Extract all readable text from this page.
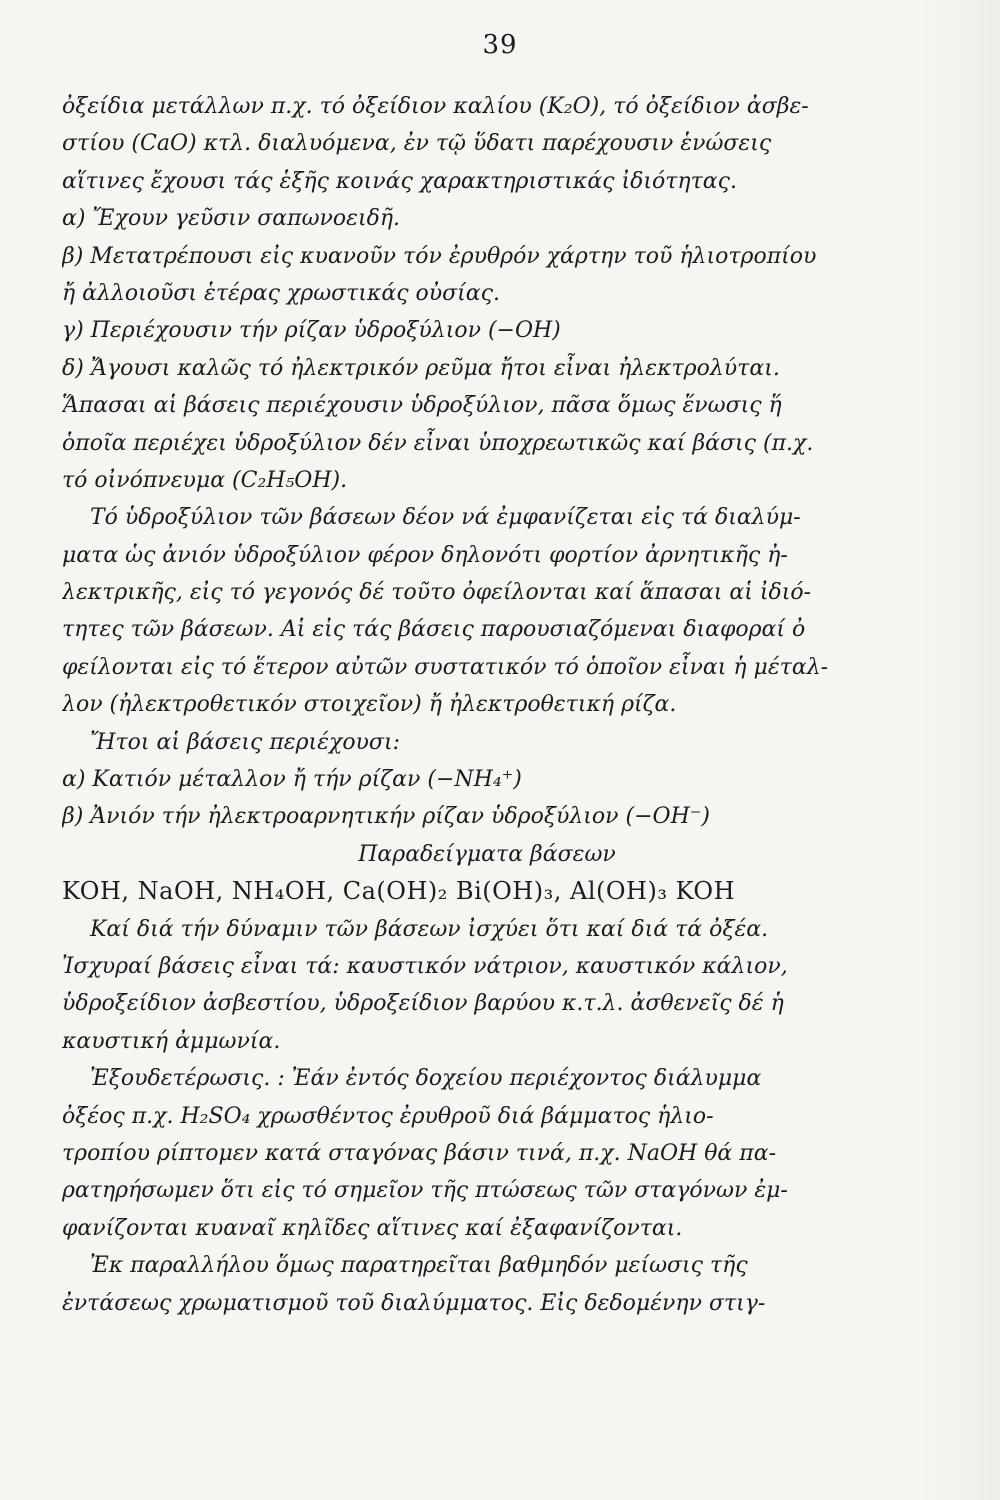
39
ὀξείδια μετάλλων π.χ. τό ὀξείδιον καλίου (K₂O), τό ὀξείδιον ἀσβε-
στίου (CaO) κτλ. διαλυόμενα, ἐν τῷ ὕδατι παρέχουσιν ἑνώσεις
αἵτινες ἔχουσι τάς ἑξῆς κοινάς χαρακτηριστικάς ἰδιότητας.
α) Ἔχουν γεῦσιν σαπωνοειδῆ.
β) Μετατρέπουσι εἰς κυανοῦν τόν ἐρυθρόν χάρτην τοῦ ἡλιοτροπίου
ἤ ἀλλοιοῦσι ἑτέρας χρωστικάς οὐσίας.
γ) Περιέχουσιν τήν ρίζαν ὑδροξύλιον (−OH)
δ) Ἄγουσι καλῶς τό ἠλεκτρικόν ρεῦμα ἤτοι εἶναι ἠλεκτρολύται.
Ἅπασαι αἱ βάσεις περιέχουσιν ὑδροξύλιον, πᾶσα ὅμως ἕνωσις ἥ
ὁποῖα περιέχει ὑδροξύλιον δέν εἶναι ὑποχρεωτικῶς καί βάσις (π.χ.
τό οἰνόπνευμα (C₂H₅OH).
Τό ὑδροξύλιον τῶν βάσεων δέον νά ἐμφανίζεται εἰς τά διαλύμ-
ματα ὡς ἀνιόν ὑδροξύλιον φέρον δηλονότι φορτίον ἀρνητικῆς ἠ-
λεκτρικῆς, εἰς τό γεγονός δέ τοῦτο ὀφείλονται καί ἅπασαι αἱ ἰδιό-
τητες τῶν βάσεων. Αἱ εἰς τάς βάσεις παρουσιαζόμεναι διαφοραί ὀ
φείλονται εἰς τό ἕτερον αὐτῶν συστατικόν τό ὁποῖον εἶναι ἡ μέταλ-
λον (ἠλεκτροθετικόν στοιχεῖον) ἤ ἠλεκτροθετική ρίζα.
Ἤτοι αἱ βάσεις περιέχουσι:
α) Κατιόν μέταλλον ἤ τήν ρίζαν (−NH₄⁺)
β) Ἀνιόν τήν ἠλεκτροαρνητικήν ρίζαν ὑδροξύλιον (−OH⁻)
Παραδείγματα βάσεων
KOH, NaOH, NH₄OH, Ca(OH)₂ Bi(OH)₃, Al(OH)₃ KOH
Καί διά τήν δύναμιν τῶν βάσεων ἰσχύει ὅτι καί διά τά ὀξέα.
Ἰσχυραί βάσεις εἶναι τά: καυστικόν νάτριον, καυστικόν κάλιον,
ὑδροξείδιον ἀσβεστίου, ὑδροξείδιον βαρύου κ.τ.λ. ἀσθενεῖς δέ ἡ
καυστική ἀμμωνία.
Ἐξουδετέρωσις. : Ἐάν ἐντός δοχείου περιέχοντος διάλυμμα
ὀξέος π.χ. H₂SO₄ χρωσθέντος ἐρυθροῦ διά βάμματος ἡλιο-
τροπίου ρίπτομεν κατά σταγόνας βάσιν τινά, π.χ. NaOH θά πα-
ρατηρήσωμεν ὅτι εἰς τό σημεῖον τῆς πτώσεως τῶν σταγόνων ἐμ-
φανίζονται κυαναῖ κηλῖδες αἵτινες καί ἐξαφανίζονται.
Ἐκ παραλλήλου ὅμως παρατηρεῖται βαθμηδόν μείωσις τῆς
ἐντάσεως χρωματισμοῦ τοῦ διαλύμματος. Εἰς δεδομένην στιγ-
